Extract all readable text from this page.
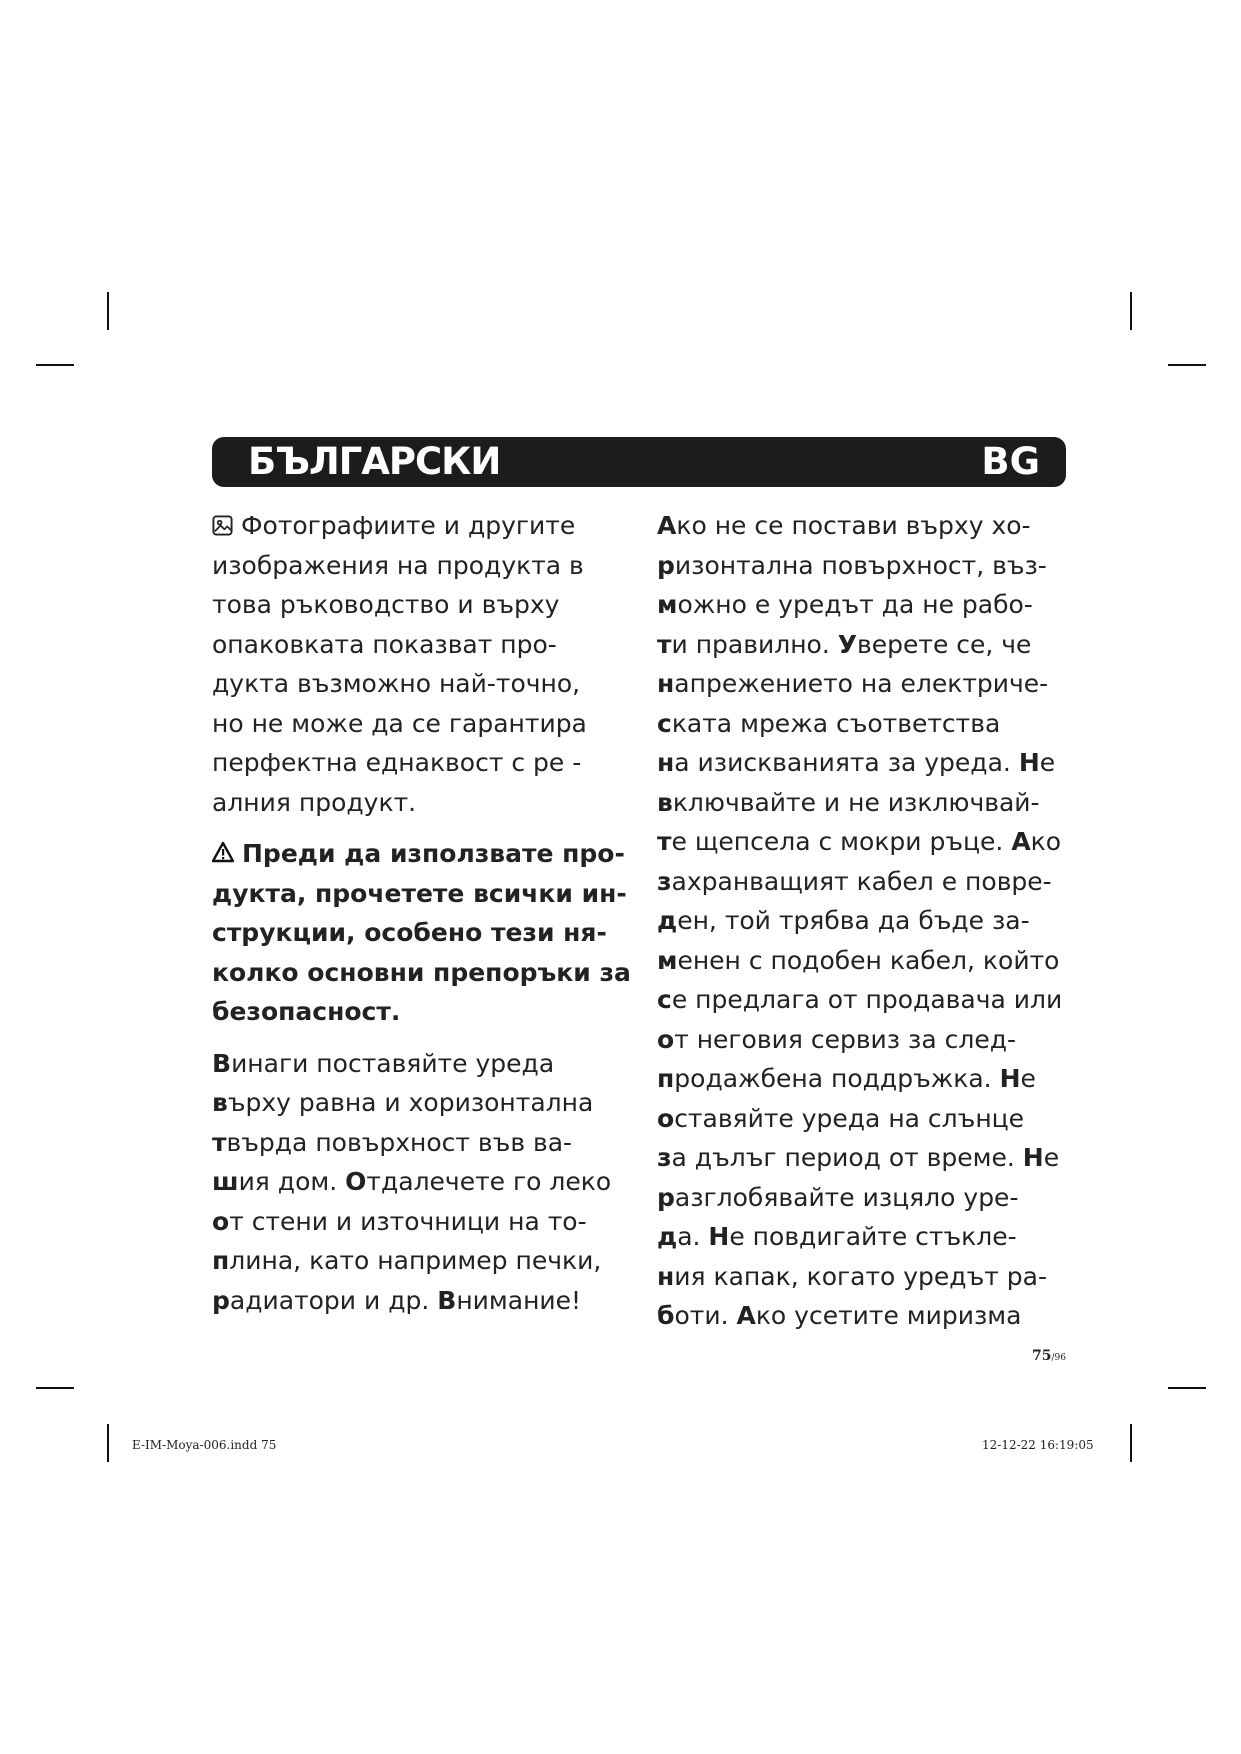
БЪЛГАРСКИ	BG

Фотографиите и другите
изображения на продукта в
това ръководство и върху
опаковката показват про-
дукта възможно най-точно,
но не може да се гарантира
перфектна еднаквост с ре -
алния продукт.

Преди да използвате про-
дукта, прочетете всички ин-
струкции, особено тези ня-
колко основни препоръки за
безопасност.

Винаги поставяйте уреда
върху равна и хоризонтална
твърда повърхност във ва-
шия дом. Отдалечете го леко
от стени и източници на то-
плина, като например печки,
радиатори и др. Внимание!

Ако не се постави върху хо-
ризонтална повърхност, въз-
можно е уредът да не рабо-
ти правилно. Уверете се, че
напрежението на електриче-
ската мрежа съответства
на изискванията за уреда. Не
включвайте и не изключвай-
те щепсела с мокри ръце. Ако
захранващият кабел е повре-
ден, той трябва да бъде за-
менен с подобен кабел, който
се предлага от продавача или
от неговия сервиз за след-
продажбена поддръжка. Не
оставяйте уреда на слънце
за дълъг период от време. Не
разглобявайте изцяло уре-
да. Не повдигайте стъкле-
ния капак, когато уредът ра-
боти. Ако усетите миризма
75/96
E-IM-Moya-006.indd 75	12-12-22 16:19:05
